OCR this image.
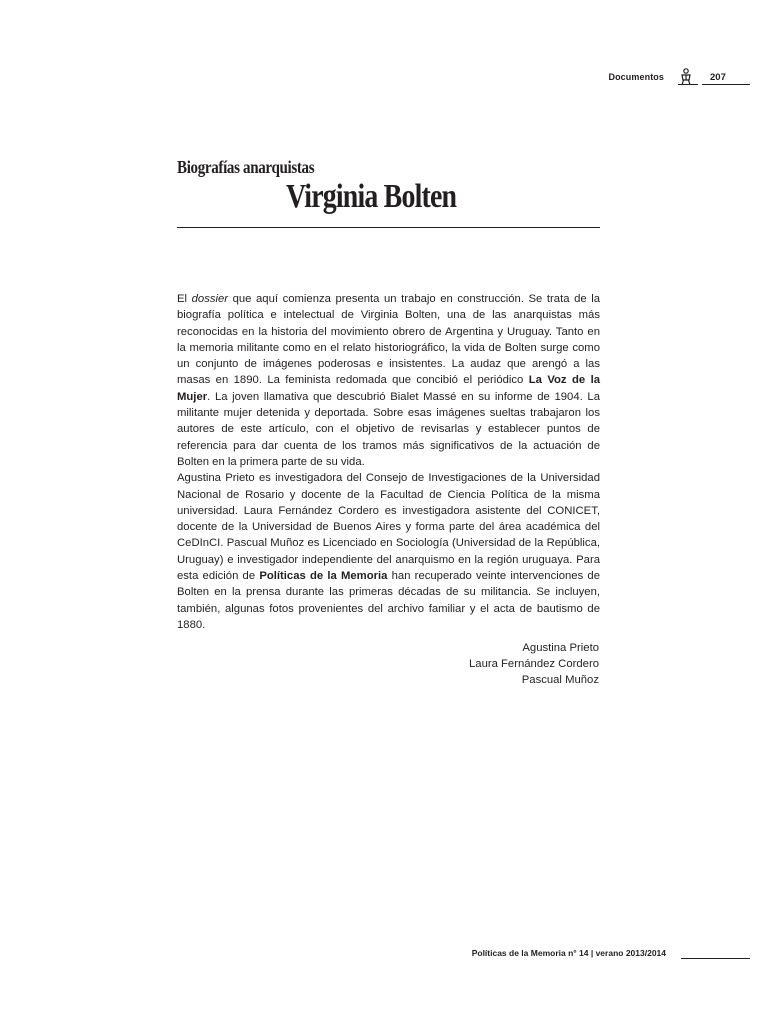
Documentos	207
Biografías anarquistas
Virginia Bolten

El dossier que aquí comienza presenta un trabajo en construcción. Se trata de la biografía política e intelectual de Virginia Bolten, una de las anarquistas más reconocidas en la historia del movimiento obrero de Argentina y Uruguay. Tanto en la memoria militante como en el relato historiográfico, la vida de Bolten surge como un conjunto de imágenes poderosas e insistentes. La audaz que arengó a las masas en 1890. La feminista redomada que concibió el periódico La Voz de la Mujer. La joven llamativa que descubrió Bialet Massé en su informe de 1904. La militante mujer detenida y deportada. Sobre esas imágenes sueltas trabajaron los autores de este artículo, con el objetivo de revisarlas y establecer puntos de referencia para dar cuenta de los tramos más significativos de la actuación de Bolten en la primera parte de su vida.

Agustina Prieto es investigadora del Consejo de Investigaciones de la Universidad Nacional de Rosario y docente de la Facultad de Ciencia Política de la misma universidad. Laura Fernández Cordero es investigadora asistente del CONICET, docente de la Universidad de Buenos Aires y forma parte del área académica del CeDInCI. Pascual Muñoz es Licenciado en Sociología (Universidad de la República, Uruguay) e investigador independiente del anarquismo en la región uruguaya. Para esta edición de Políticas de la Memoria han recuperado veinte intervenciones de Bolten en la prensa durante las primeras décadas de su militancia. Se incluyen, también, algunas fotos provenientes del archivo familiar y el acta de bautismo de 1880.

Agustina Prieto
Laura Fernández Cordero
Pascual Muñoz
Políticas de la Memoria n° 14 | verano 2013/2014
